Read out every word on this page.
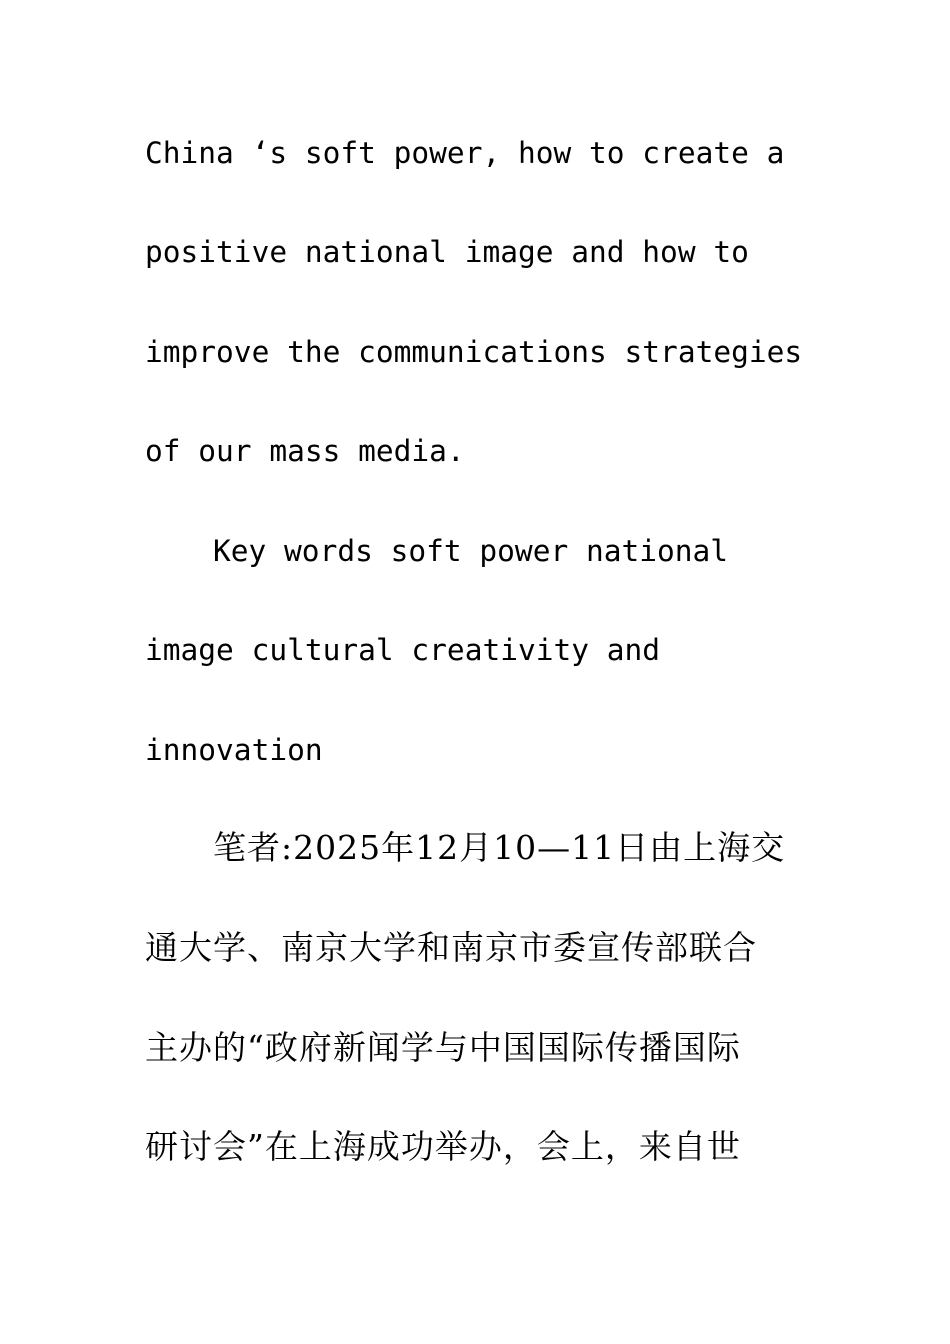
China ‘s soft power, how to create a

positive national image and how to

improve the communications strategies

of our mass media.

Key words soft power national

image cultural creativity and

innovation

笔者:2025年12月10—11日由上海交

通大学、南京大学和南京市委宣传部联合

主办的“政府新闻学与中国国际传播国际

研讨会”在上海成功举办，会上，来自世
